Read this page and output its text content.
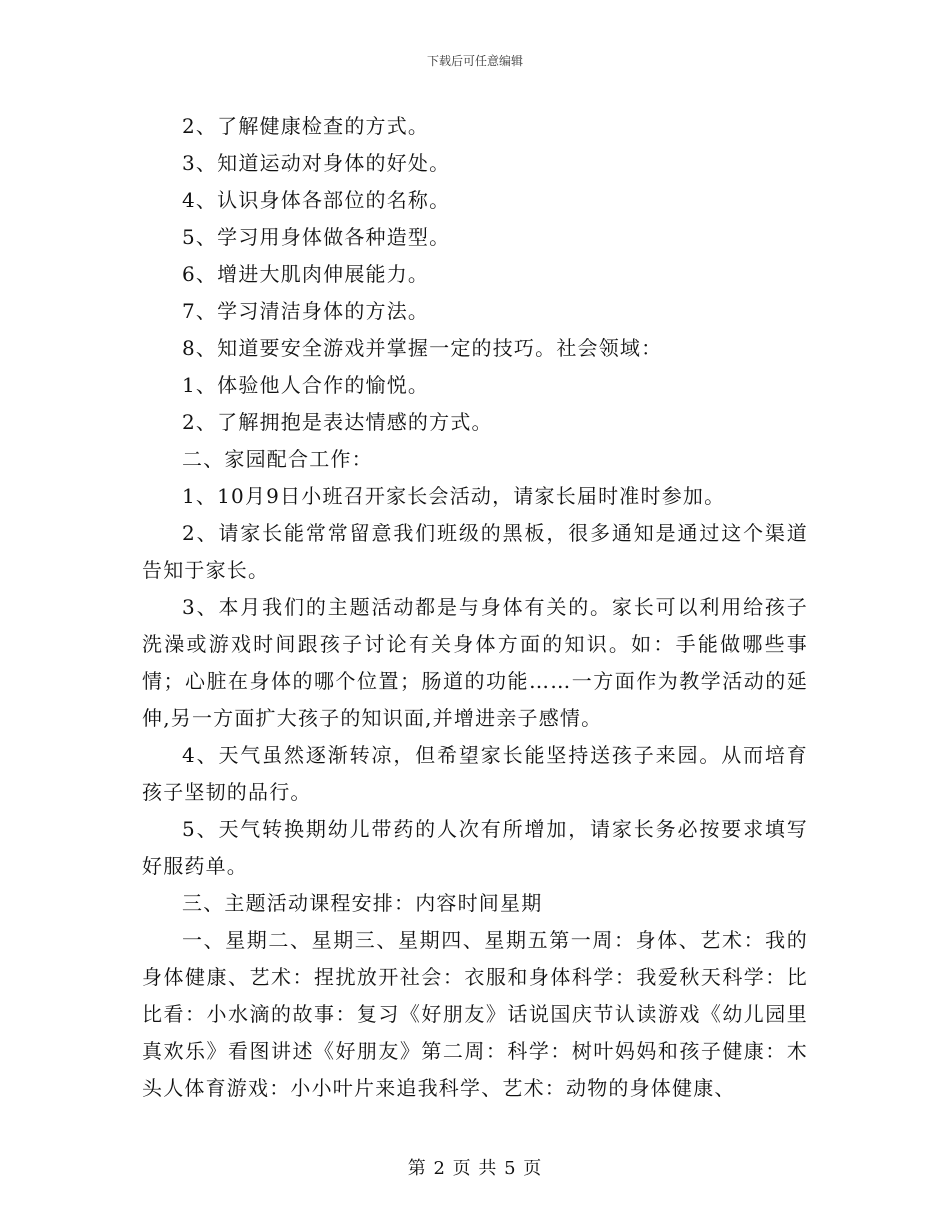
下载后可任意编辑

2、了解健康检查的方式。

3、知道运动对身体的好处。

4、认识身体各部位的名称。

5、学习用身体做各种造型。

6、增进大肌肉伸展能力。

7、学习清洁身体的方法。

8、知道要安全游戏并掌握一定的技巧。社会领域：

1、体验他人合作的愉悦。

2、了解拥抱是表达情感的方式。

二、家园配合工作：

1、10月9日小班召开家长会活动，请家长届时准时参加。

2、请家长能常常留意我们班级的黑板，很多通知是通过这个渠道告知于家长。

3、本月我们的主题活动都是与身体有关的。家长可以利用给孩子洗澡或游戏时间跟孩子讨论有关身体方面的知识。如：手能做哪些事情；心脏在身体的哪个位置；肠道的功能……一方面作为教学活动的延伸,另一方面扩大孩子的知识面,并增进亲子感情。

4、天气虽然逐渐转凉，但希望家长能坚持送孩子来园。从而培育孩子坚韧的品行。

5、天气转换期幼儿带药的人次有所增加，请家长务必按要求填写好服药单。

三、主题活动课程安排：内容时间星期

一、星期二、星期三、星期四、星期五第一周：身体、艺术：我的身体健康、艺术：捏扰放开社会：衣服和身体科学：我爱秋天科学：比比看：小水滴的故事：复习《好朋友》话说国庆节认读游戏《幼儿园里真欢乐》看图讲述《好朋友》第二周：科学：树叶妈妈和孩子健康：木头人体育游戏：小小叶片来追我科学、艺术：动物的身体健康、

第 2 页 共 5 页
